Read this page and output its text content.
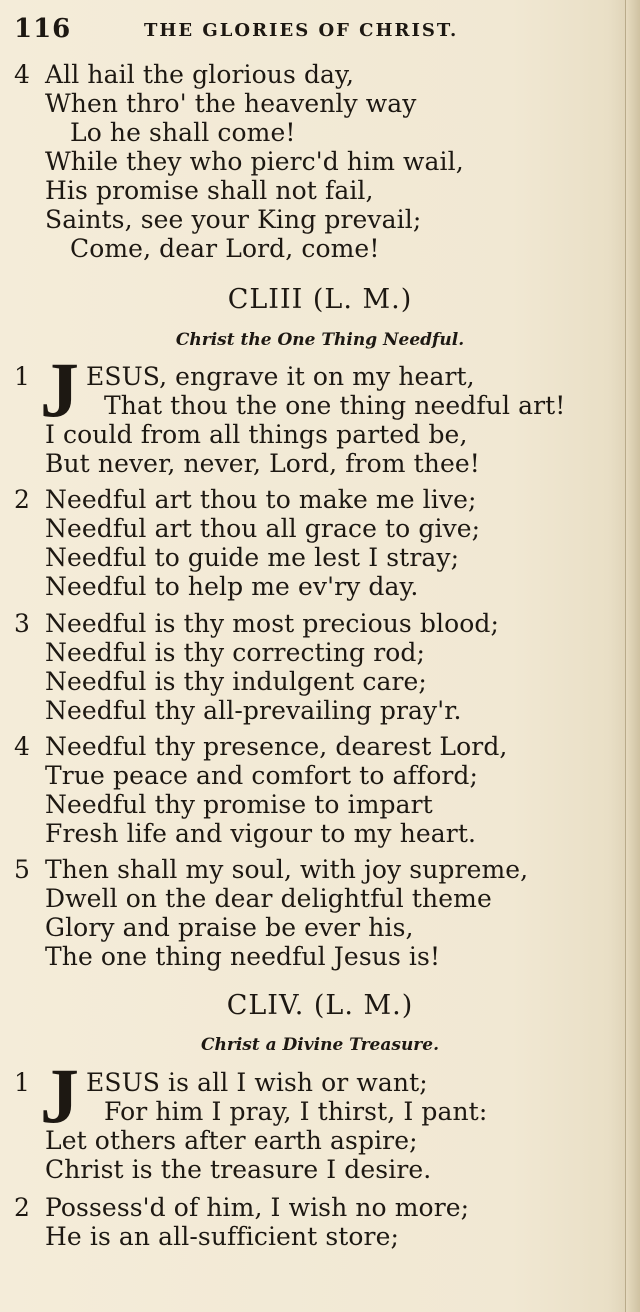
116	THE GLORIES OF CHRIST.
4 All hail the glorious day,
When thro' the heavenly way
Lo he shall come!
While they who pierc'd him wail,
His promise shall not fail,
Saints, see your King prevail;
Come, dear Lord, come!
CLIII (L. M.)
Christ the One Thing Needful.
1 J ESUS, engrave it on my heart,
That thou the one thing needful art!
I could from all things parted be,
But never, never, Lord, from thee!
2 Needful art thou to make me live;
Needful art thou all grace to give;
Needful to guide me lest I stray;
Needful to help me ev'ry day.
3 Needful is thy most precious blood;
Needful is thy correcting rod;
Needful is thy indulgent care;
Needful thy all-prevailing pray'r.
4 Needful thy presence, dearest Lord,
True peace and comfort to afford;
Needful thy promise to impart
Fresh life and vigour to my heart.
5 Then shall my soul, with joy supreme,
Dwell on the dear delightful theme
Glory and praise be ever his,
The one thing needful Jesus is!
CLIV. (L. M.)
Christ a Divine Treasure.
1 J ESUS is all I wish or want;
For him I pray, I thirst, I pant:
Let others after earth aspire;
Christ is the treasure I desire.
2 Possess'd of him, I wish no more;
He is an all-sufficient store;
